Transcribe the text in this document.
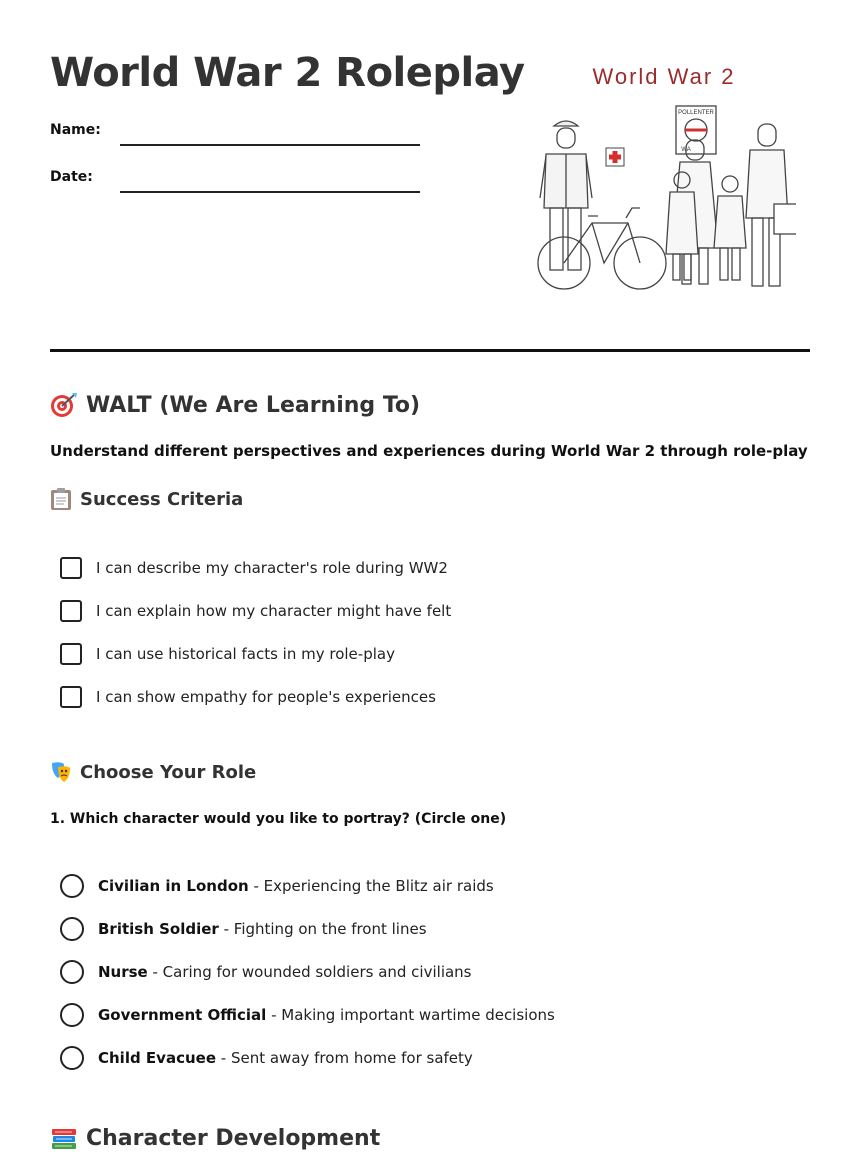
World War 2 Roleplay
Name:
Date:
World War 2
POLLENTER
WA
WALT (We Are Learning To)
Understand different perspectives and experiences during World War 2 through role-play
Success Criteria
I can describe my character's role during WW2
I can explain how my character might have felt
I can use historical facts in my role-play
I can show empathy for people's experiences
Choose Your Role
1. Which character would you like to portray? (Circle one)
Civilian in London - Experiencing the Blitz air raids
British Soldier - Fighting on the front lines
Nurse - Caring for wounded soldiers and civilians
Government Official - Making important wartime decisions
Child Evacuee - Sent away from home for safety
Character Development
